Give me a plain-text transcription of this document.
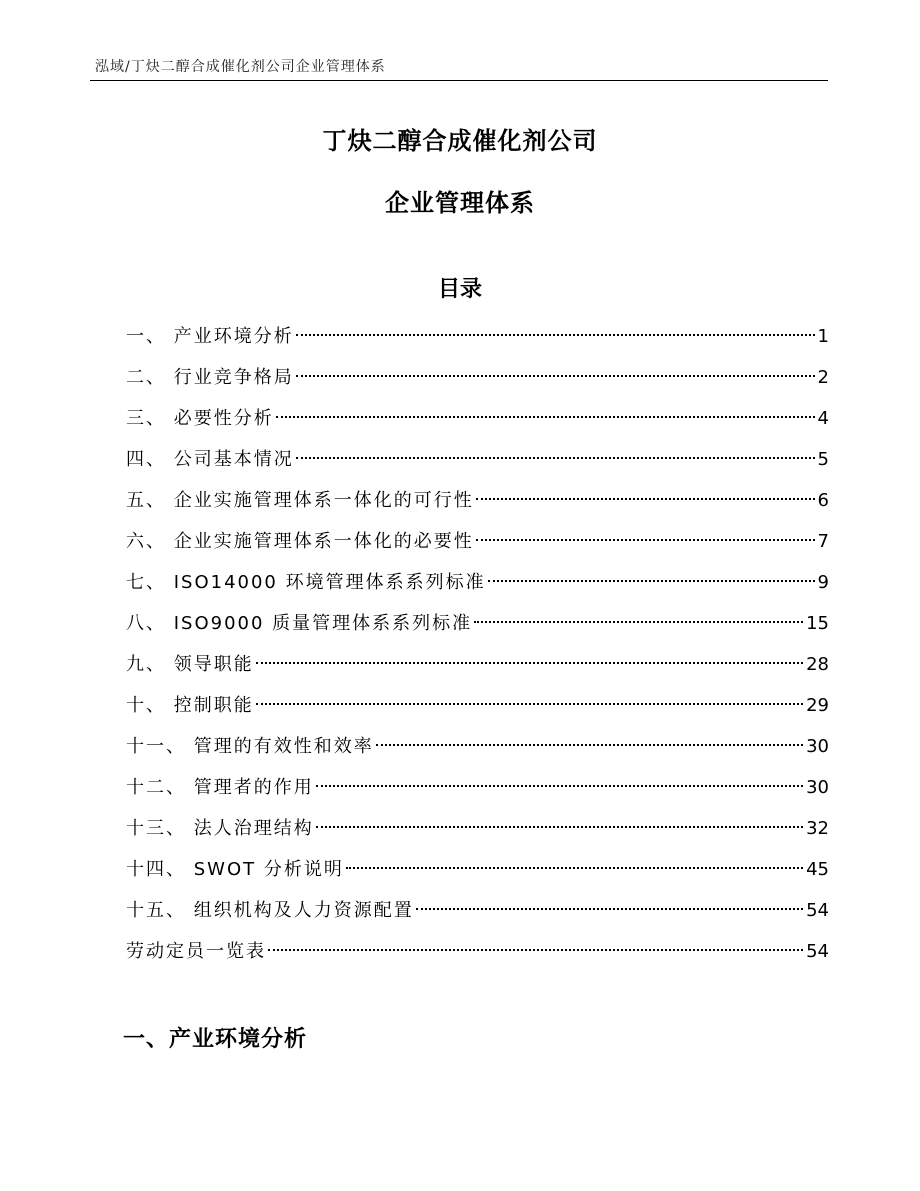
泓域/丁炔二醇合成催化剂公司企业管理体系
丁炔二醇合成催化剂公司
企业管理体系
目录
一、 产业环境分析	1
二、 行业竞争格局	2
三、 必要性分析	4
四、 公司基本情况	5
五、 企业实施管理体系一体化的可行性	6
六、 企业实施管理体系一体化的必要性	7
七、 ISO14000 环境管理体系系列标准	9
八、 ISO9000 质量管理体系系列标准	15
九、 领导职能	28
十、 控制职能	29
十一、 管理的有效性和效率	30
十二、 管理者的作用	30
十三、 法人治理结构	32
十四、 SWOT 分析说明	45
十五、 组织机构及人力资源配置	54
劳动定员一览表	54
一、产业环境分析
